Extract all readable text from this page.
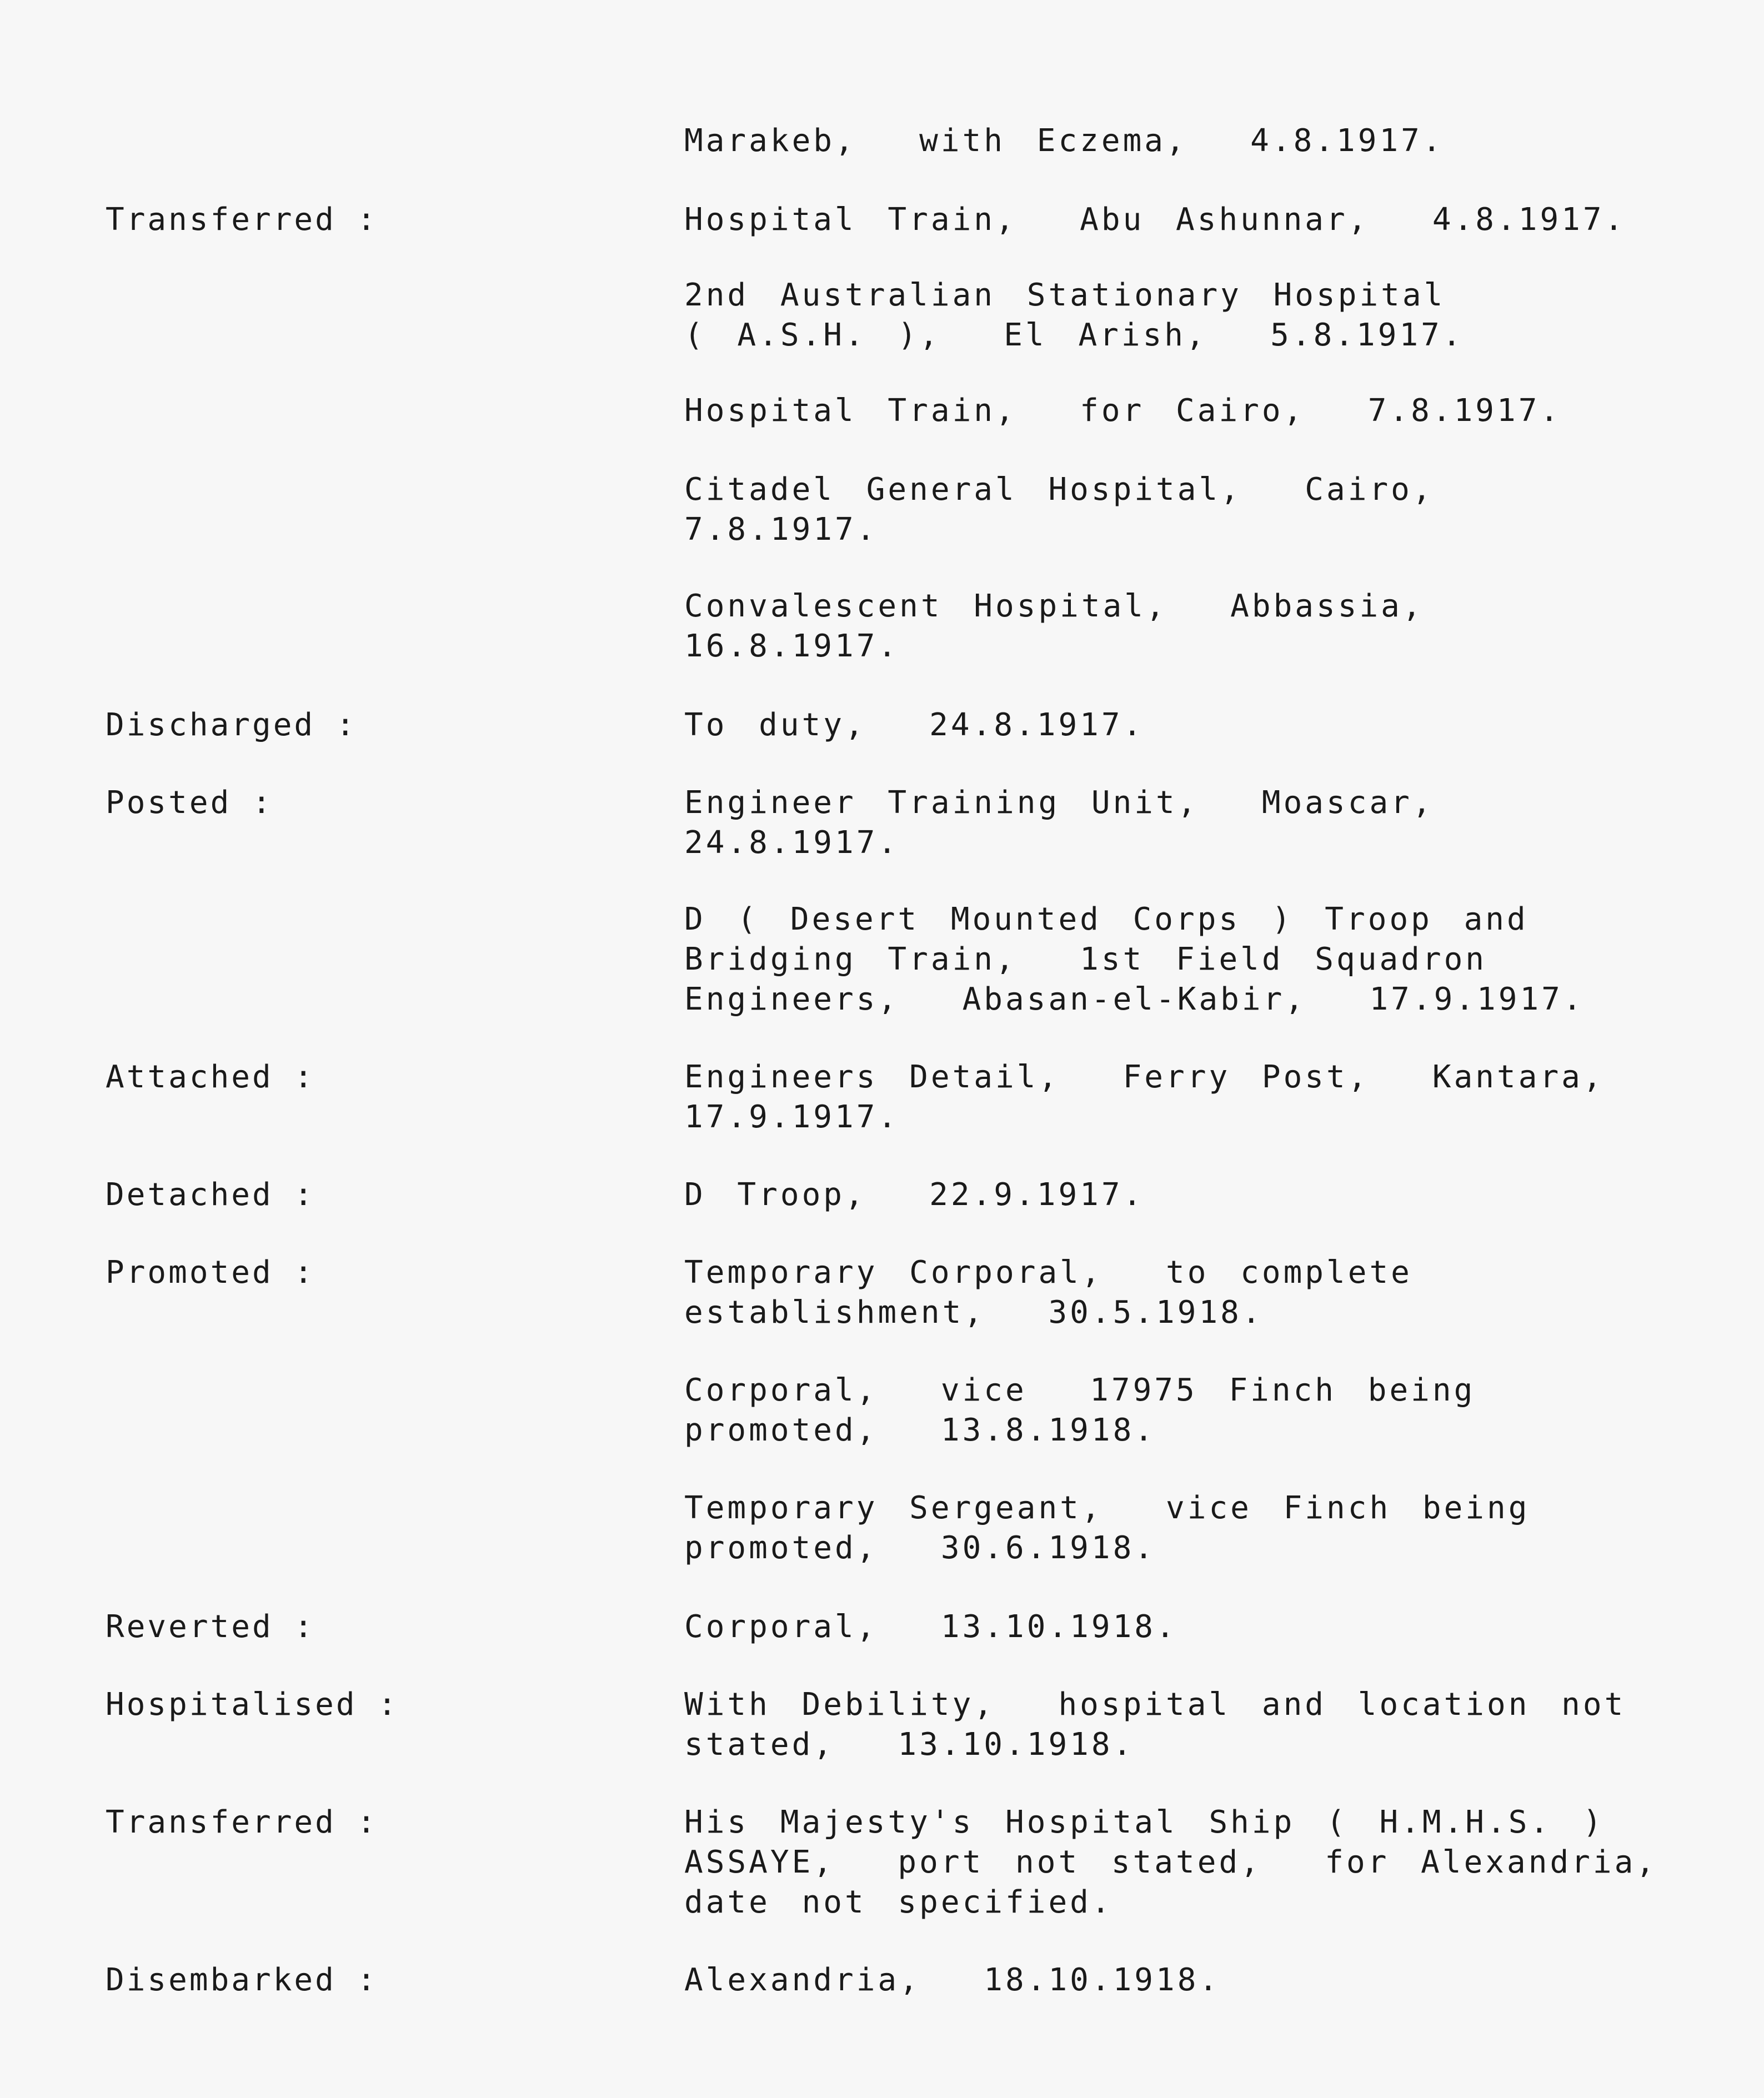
Marakeb,  with Eczema,  4.8.1917.
Transferred :	Hospital Train,  Abu Ashunnar,  4.8.1917.
2nd Australian Stationary Hospital
( A.S.H. ),  El Arish,  5.8.1917.
Hospital Train,  for Cairo,  7.8.1917.
Citadel General Hospital,  Cairo,
7.8.1917.
Convalescent Hospital,  Abbassia,
16.8.1917.
Discharged :	To duty,  24.8.1917.
Posted :	Engineer Training Unit,  Moascar,
24.8.1917.
D ( Desert Mounted Corps ) Troop and
Bridging Train,  1st Field Squadron
Engineers,  Abasan-el-Kabir,  17.9.1917.
Attached :	Engineers Detail,  Ferry Post,  Kantara,
17.9.1917.
Detached :	D Troop,  22.9.1917.
Promoted :	Temporary Corporal,  to complete
establishment,  30.5.1918.
Corporal,  vice  17975 Finch being
promoted,  13.8.1918.
Temporary Sergeant,  vice Finch being
promoted,  30.6.1918.
Reverted :	Corporal,  13.10.1918.
Hospitalised :	With Debility,  hospital and location not
stated,  13.10.1918.
Transferred :	His Majesty's Hospital Ship ( H.M.H.S. )
ASSAYE,  port not stated,  for Alexandria,
date not specified.
Disembarked :	Alexandria,  18.10.1918.
